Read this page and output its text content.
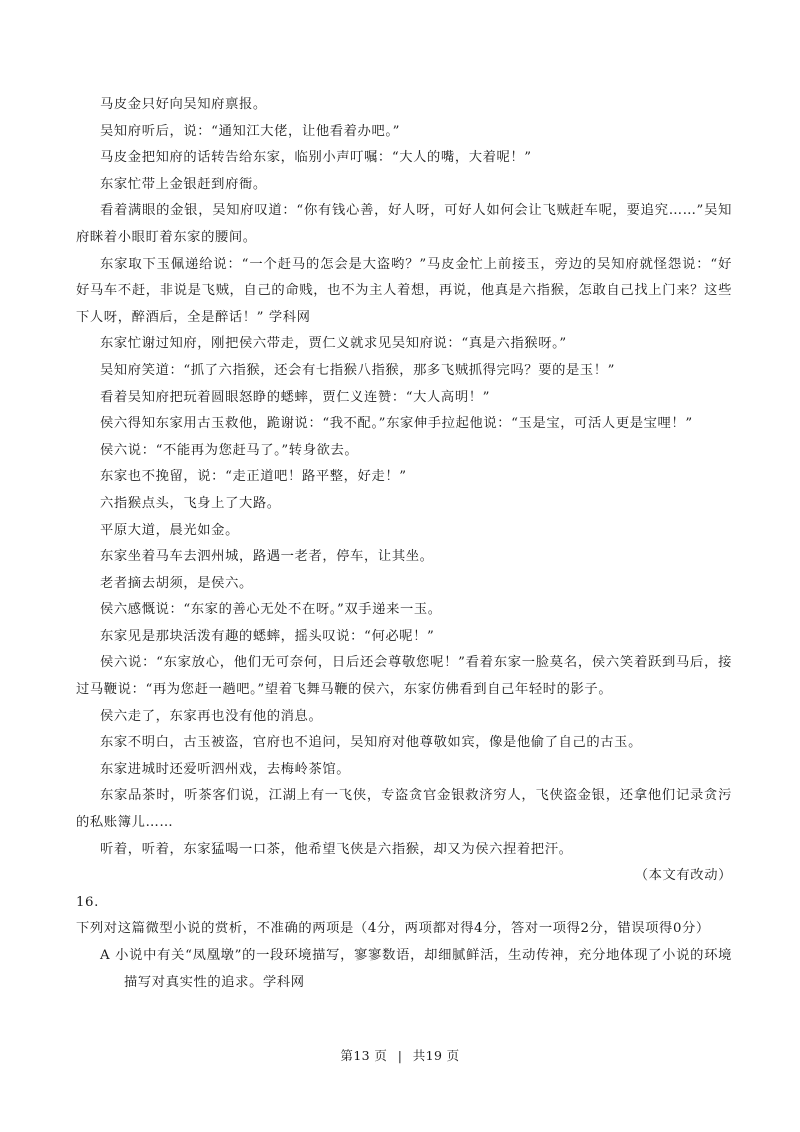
马皮金只好向吴知府禀报。

吴知府听后，说：“通知江大佬，让他看着办吧。”

马皮金把知府的话转告给东家，临别小声叮嘱：“大人的嘴，大着呢！”

东家忙带上金银赶到府衙。

看着满眼的金银，吴知府叹道：“你有钱心善，好人呀，可好人如何会让飞贼赶车呢，要追究……”吴知府眯着小眼盯着东家的腰间。

东家取下玉佩递给说：“一个赶马的怎会是大盗哟？”马皮金忙上前接玉，旁边的吴知府就怪怨说：“好好马车不赶，非说是飞贼，自己的命贱，也不为主人着想，再说，他真是六指猴，怎敢自己找上门来？这些下人呀，醉酒后，全是醉话！” 学科网

东家忙谢过知府，刚把侯六带走，贾仁义就求见吴知府说：“真是六指猴呀。”

吴知府笑道：“抓了六指猴，还会有七指猴八指猴，那多飞贼抓得完吗？要的是玉！”

看着吴知府把玩着圆眼怒睁的蟋蟀，贾仁义连赞：“大人高明！”

侯六得知东家用古玉救他，跪谢说：“我不配。”东家伸手拉起他说：“玉是宝，可活人更是宝哩！”

侯六说：“不能再为您赶马了。”转身欲去。

东家也不挽留，说：“走正道吧！路平整，好走！”

六指猴点头，飞身上了大路。

平原大道，晨光如金。

东家坐着马车去泗州城，路遇一老者，停车，让其坐。

老者摘去胡须，是侯六。

侯六感慨说：“东家的善心无处不在呀。”双手递来一玉。

东家见是那块活泼有趣的蟋蟀，摇头叹说：“何必呢！”

侯六说：“东家放心，他们无可奈何，日后还会尊敬您呢！”看着东家一脸莫名，侯六笑着跃到马后，接过马鞭说：“再为您赶一趟吧。”望着飞舞马鞭的侯六，东家仿佛看到自己年轻时的影子。

侯六走了，东家再也没有他的消息。

东家不明白，古玉被盗，官府也不追问，吴知府对他尊敬如宾，像是他偷了自己的古玉。

东家进城时还爱听泗州戏，去梅岭茶馆。

东家品茶时，听茶客们说，江湖上有一飞侠，专盗贪官金银救济穷人，飞侠盗金银，还拿他们记录贪污的私账簿儿……

听着，听着，东家猛喝一口茶，他希望飞侠是六指猴，却又为侯六捏着把汗。

（本文有改动）

16. 下列对这篇微型小说的赏析，不准确的两项是（4分，两项都对得4分，答对一项得2分，错误项得0分）

A 小说中有关“凤凰墩”的一段环境描写，寥寥数语，却细腻鲜活，生动传神，充分地体现了小说的环境描写对真实性的追求。学科网

第13 页 | 共19 页
